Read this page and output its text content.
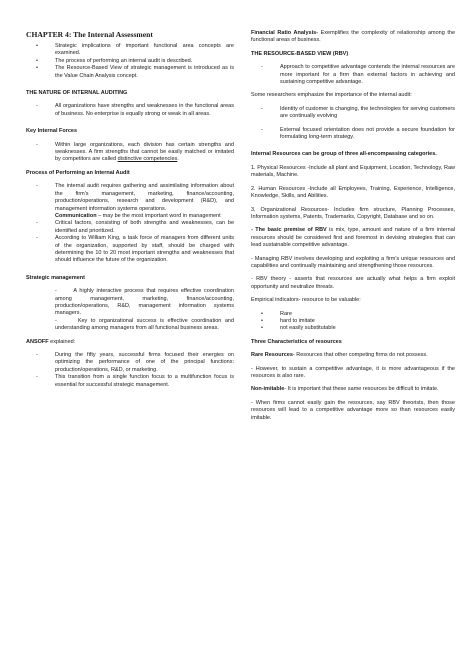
CHAPTER 4: The Internal Assessment
•	Strategic implications of important functional area concepts are examined.
•	The process of performing an internal audit is described.
•	The Resource-Based View of strategic management is introduced as is the Value Chain Analysis concept.
THE NATURE OF INTERNAL AUDITING
-	All organizations have strengths and weaknesses in the functional areas of business. No enterprise is equally strong or weak in all areas.
Key Internal Forces
-	Within large organizations, each division has certain strengths and weaknesses. A firm strengths that cannot be easily matched or imitated by competitors are called distinctive competencies.
Process of Performing an Internal Audit
-	The internal audit requires gathering and assimilating information about the firm's management, marketing, finance/accounting, production/operations, research and development (R&D), and management information systems operations.
Communication – may be the most important word in management
-	Critical factors, consisting of both strengths and weaknesses, can be identified and prioritized.
-	According to William King, a task force of managers from different units of the organization, supported by staff, should be charged with determining the 10 to 20 most important strengths and weaknesses that should influence the future of the organization.
Strategic management
-      A highly interactive process that requires effective coordination among management, marketing, finance/accounting, production/operations, R&D, management information systems managers.
-      Key to organizational success is effective coordination and understanding among managers from all functional business areas.
ANSOFF explained:
-	During the fifty years, successful firms focused their energies on optimizing the performance of one of the principal functions: production/operations, R&D, or marketing.
-	This transition from a single function focus to a multifunction focus is essential for successful strategic management.
Financial Ratio Analysis- Exemplifies the complexity of relationship among the functional areas of business.
THE RESOURCE-BASED VIEW (RBV)
-	Approach to competitive advantage contends the internal resources are more important for a firm than external factors in achieving and sustaining competitive advantage.
Some researchers emphasize the importance of the internal audit:
-	Identity of customer is changing, the technologies for serving customers are continually evolving
-	External focused orientation does not provide a secure foundation for formulating long-term strategy.
Internal Resources can be group of three all-encompassing categories.
1. Physical Resources -Include all plant and Equipment, Location, Technology, Raw materials, Machine.
2. Human Resources -Include all Employees, Training, Experience, Intelligence, Knowledge, Skills, and Abilities.
3. Organizational Resources- Includes firm structure, Planning Processes, Information systems, Patents, Trademarks, Copyright, Database and so on.
- The basic premise of RBV is mix, type, amount and nature of a firm internal resources should be considered first and foremost in devising strategies that can lead sustainable competitive advantage.
- Managing RBV involves developing and exploiting a firm's unique resources and capabilities and continually maintaining and strengthening those resources.
- RBV theory - asserts that resources are actually what helps a firm exploit opportunity and neutralize threats.
Empirical indicators- resource to be valuable:
•	Rare
•	hard to imitate
•	not easily substitutable
Three Characteristics of resources
Rare Resources- Resources that other competing firms do not possess.
- However, to sustain a competitive advantage, it is more advantageous if the resources is also rare.
Non-imitable- It is important that these same resources be difficult to imitate.
- When firms cannot easily gain the resources, say RBV theorists, then those resources will lead to a competitive advantage more so than resources easily imitable.
